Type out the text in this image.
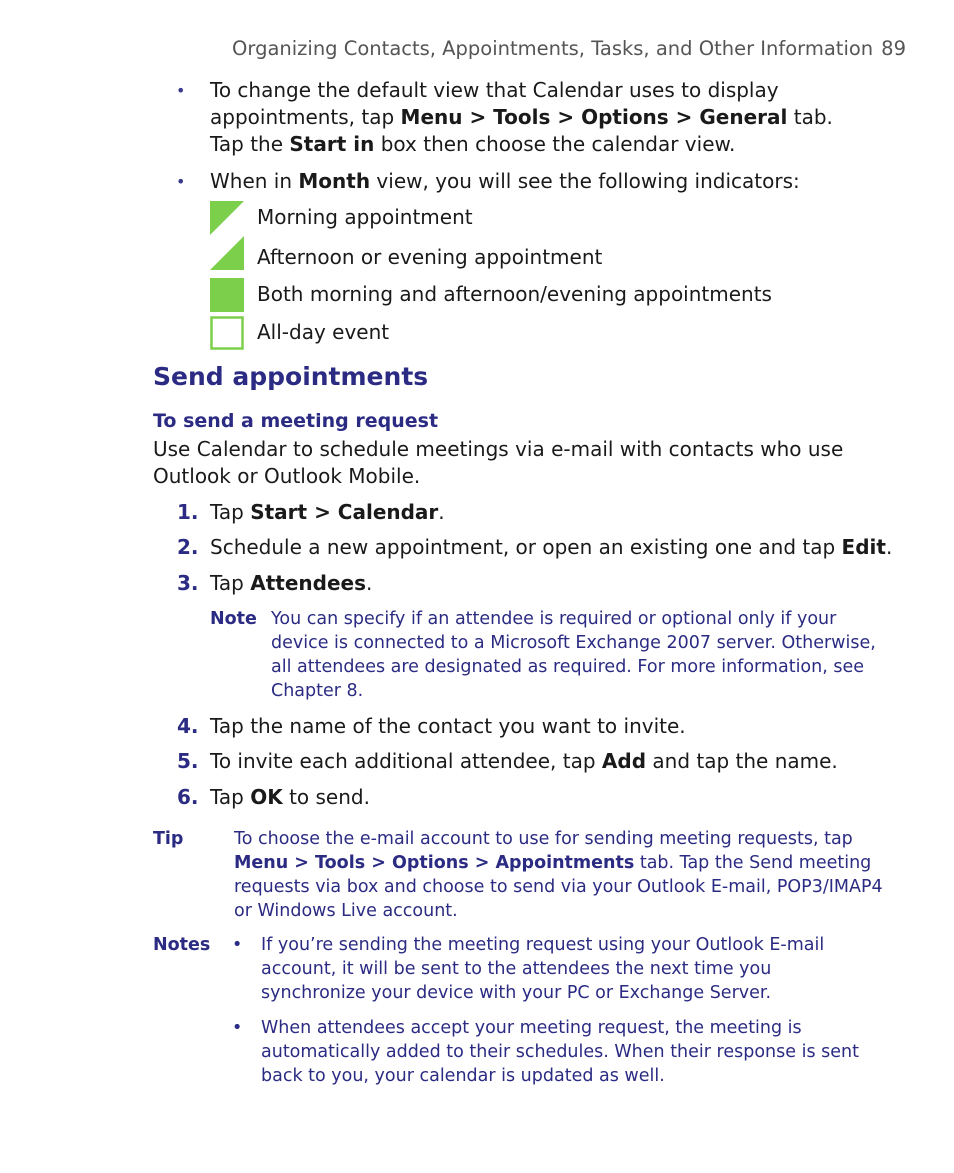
Organizing Contacts, Appointments, Tasks, and Other Information 89
• To change the default view that Calendar uses to display appointments, tap Menu > Tools > Options > General tab. Tap the Start in box then choose the calendar view.
• When in Month view, you will see the following indicators:
Morning appointment
Afternoon or evening appointment
Both morning and afternoon/evening appointments
All-day event
Send appointments
To send a meeting request
Use Calendar to schedule meetings via e-mail with contacts who use Outlook or Outlook Mobile.
1. Tap Start > Calendar.
2. Schedule a new appointment, or open an existing one and tap Edit.
3. Tap Attendees.
Note You can specify if an attendee is required or optional only if your device is connected to a Microsoft Exchange 2007 server. Otherwise, all attendees are designated as required. For more information, see Chapter 8.
4. Tap the name of the contact you want to invite.
5. To invite each additional attendee, tap Add and tap the name.
6. Tap OK to send.
Tip	To choose the e-mail account to use for sending meeting requests, tap Menu > Tools > Options > Appointments tab. Tap the Send meeting requests via box and choose to send via your Outlook E-mail, POP3/IMAP4 or Windows Live account.
Notes • If you’re sending the meeting request using your Outlook E-mail account, it will be sent to the attendees the next time you synchronize your device with your PC or Exchange Server.
• When attendees accept your meeting request, the meeting is automatically added to their schedules. When their response is sent back to you, your calendar is updated as well.
